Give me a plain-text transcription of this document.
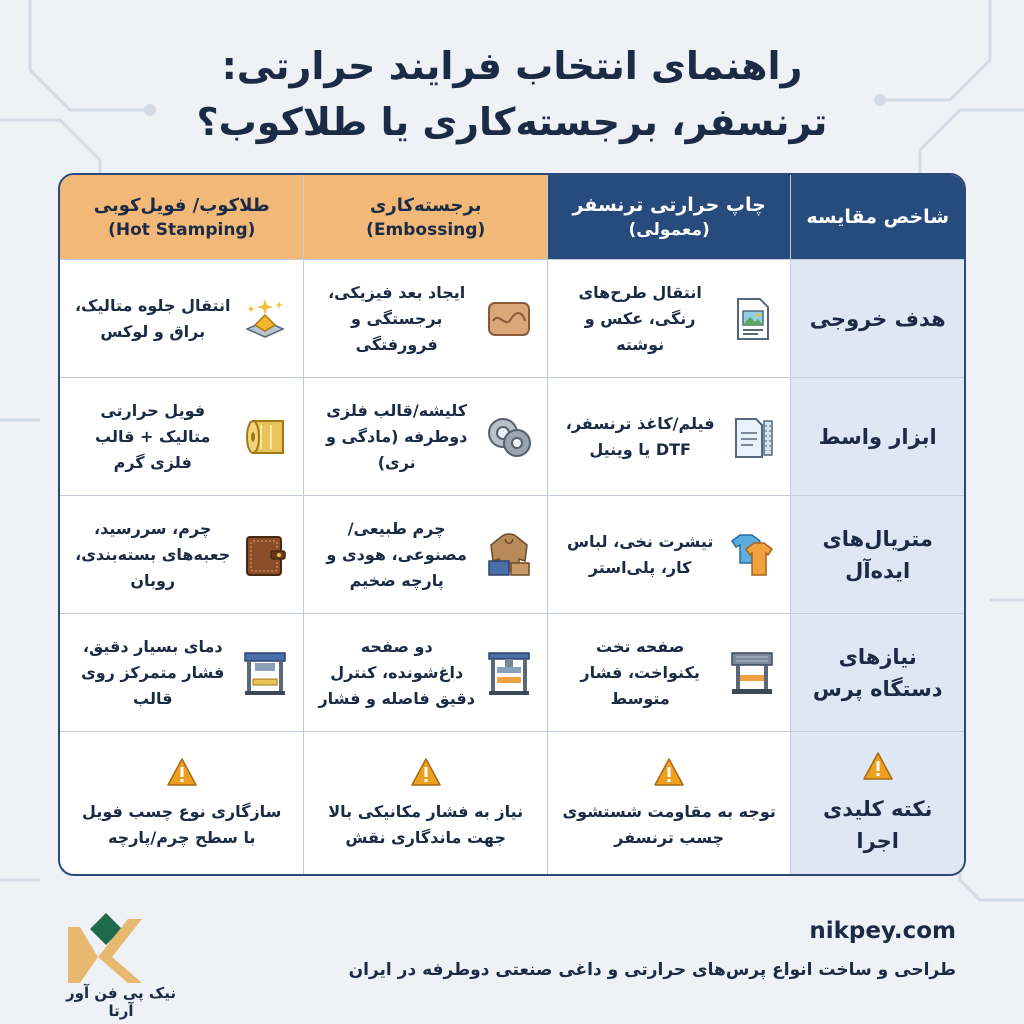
راهنمای انتخاب فرایند حرارتی:
ترنسفر، برجسته‌کاری یا طلاکوب؟
شاخص مقایسه
چاپ حرارتی ترنسفر
(معمولی)
برجسته‌کاری
(Embossing)
طلاکوب/ فویل‌کوبی
(Hot Stamping)
هدف خروجی
انتقال طرح‌های رنگی، عکس و نوشته
ایجاد بعد فیزیکی، برجستگی و فرورفتگی
انتقال جلوه متالیک، براق و لوکس
ابزار واسط
فیلم/کاغذ ترنسفر، DTF یا وینیل
کلیشه/قالب فلزی دوطرفه (مادگی و نری)
فویل حرارتی متالیک + قالب فلزی گرم
متریال‌های ایده‌آل
تیشرت نخی، لباس کار، پلی‌استر
چرم طبیعی/مصنوعی، هودی و پارچه ضخیم
چرم، سررسید، جعبه‌های بسته‌بندی، روبان
نیازهای دستگاه پرس
صفحه تخت یکنواخت، فشار متوسط
دو صفحه داغ‌شونده، کنترل دقیق فاصله و فشار
دمای بسیار دقیق، فشار متمرکز روی قالب
نکته کلیدی اجرا
توجه به مقاومت شستشوی چسب ترنسفر
نیاز به فشار مکانیکی بالا جهت ماندگاری نقش
سازگاری نوع چسب فویل با سطح چرم/پارچه
نیک پی فن آور آرتا
nikpey.com
طراحی و ساخت انواع پرس‌های حرارتی و داغی صنعتی دوطرفه در ایران
